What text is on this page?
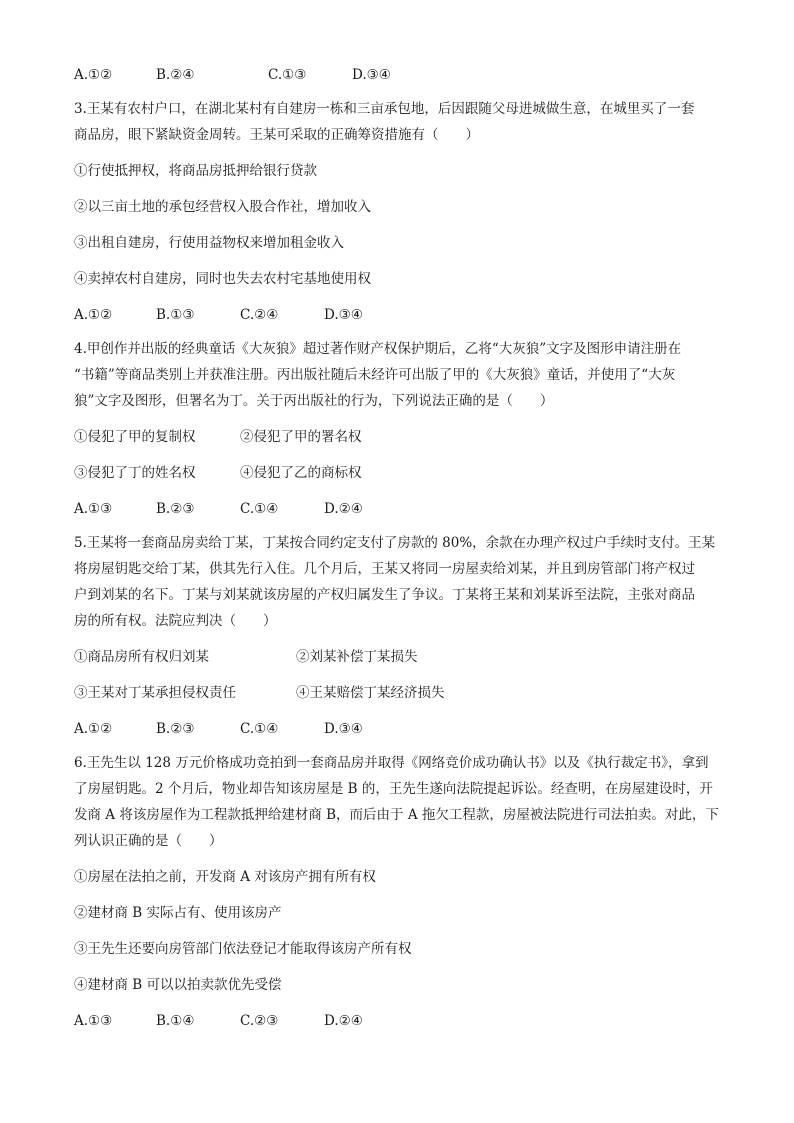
A.①②	B.②④	C.①③	D.③④
3.王某有农村户口，在湖北某村有自建房一栋和三亩承包地，后因跟随父母进城做生意，在城里买了一套
商品房，眼下紧缺资金周转。王某可采取的正确筹资措施有（　　）
①行使抵押权，将商品房抵押给银行贷款
②以三亩土地的承包经营权入股合作社，增加收入
③出租自建房，行使用益物权来增加租金收入
④卖掉农村自建房，同时也失去农村宅基地使用权
A.①②	B.①③	C.②④	D.③④
4.甲创作并出版的经典童话《大灰狼》超过著作财产权保护期后，乙将“大灰狼”文字及图形申请注册在
“书籍”等商品类别上并获准注册。丙出版社随后未经许可出版了甲的《大灰狼》童话，并使用了“大灰
狼”文字及图形，但署名为丁。关于丙出版社的行为，下列说法正确的是（　　）
①侵犯了甲的复制权	②侵犯了甲的署名权
③侵犯了丁的姓名权	④侵犯了乙的商标权
A.①③	B.②③	C.①④	D.②④
5.王某将一套商品房卖给丁某，丁某按合同约定支付了房款的 80%，余款在办理产权过户手续时支付。王某
将房屋钥匙交给丁某，供其先行入住。几个月后，王某又将同一房屋卖给刘某，并且到房管部门将产权过
户到刘某的名下。丁某与刘某就该房屋的产权归属发生了争议。丁某将王某和刘某诉至法院，主张对商品
房的所有权。法院应判决（　　）
①商品房所有权归刘某	②刘某补偿丁某损失
③王某对丁某承担侵权责任	④王某赔偿丁某经济损失
A.①②	B.②③	C.①④	D.③④
6.王先生以 128 万元价格成功竞拍到一套商品房并取得《网络竞价成功确认书》以及《执行裁定书》，拿到
了房屋钥匙。2 个月后，物业却告知该房屋是 B 的，王先生遂向法院提起诉讼。经查明，在房屋建设时，开
发商 A 将该房屋作为工程款抵押给建材商 B，而后由于 A 拖欠工程款，房屋被法院进行司法拍卖。对此，下
列认识正确的是（　　）
①房屋在法拍之前，开发商 A 对该房产拥有所有权
②建材商 B 实际占有、使用该房产
③王先生还要向房管部门依法登记才能取得该房产所有权
④建材商 B 可以以拍卖款优先受偿
A.①③	B.①④	C.②③	D.②④
